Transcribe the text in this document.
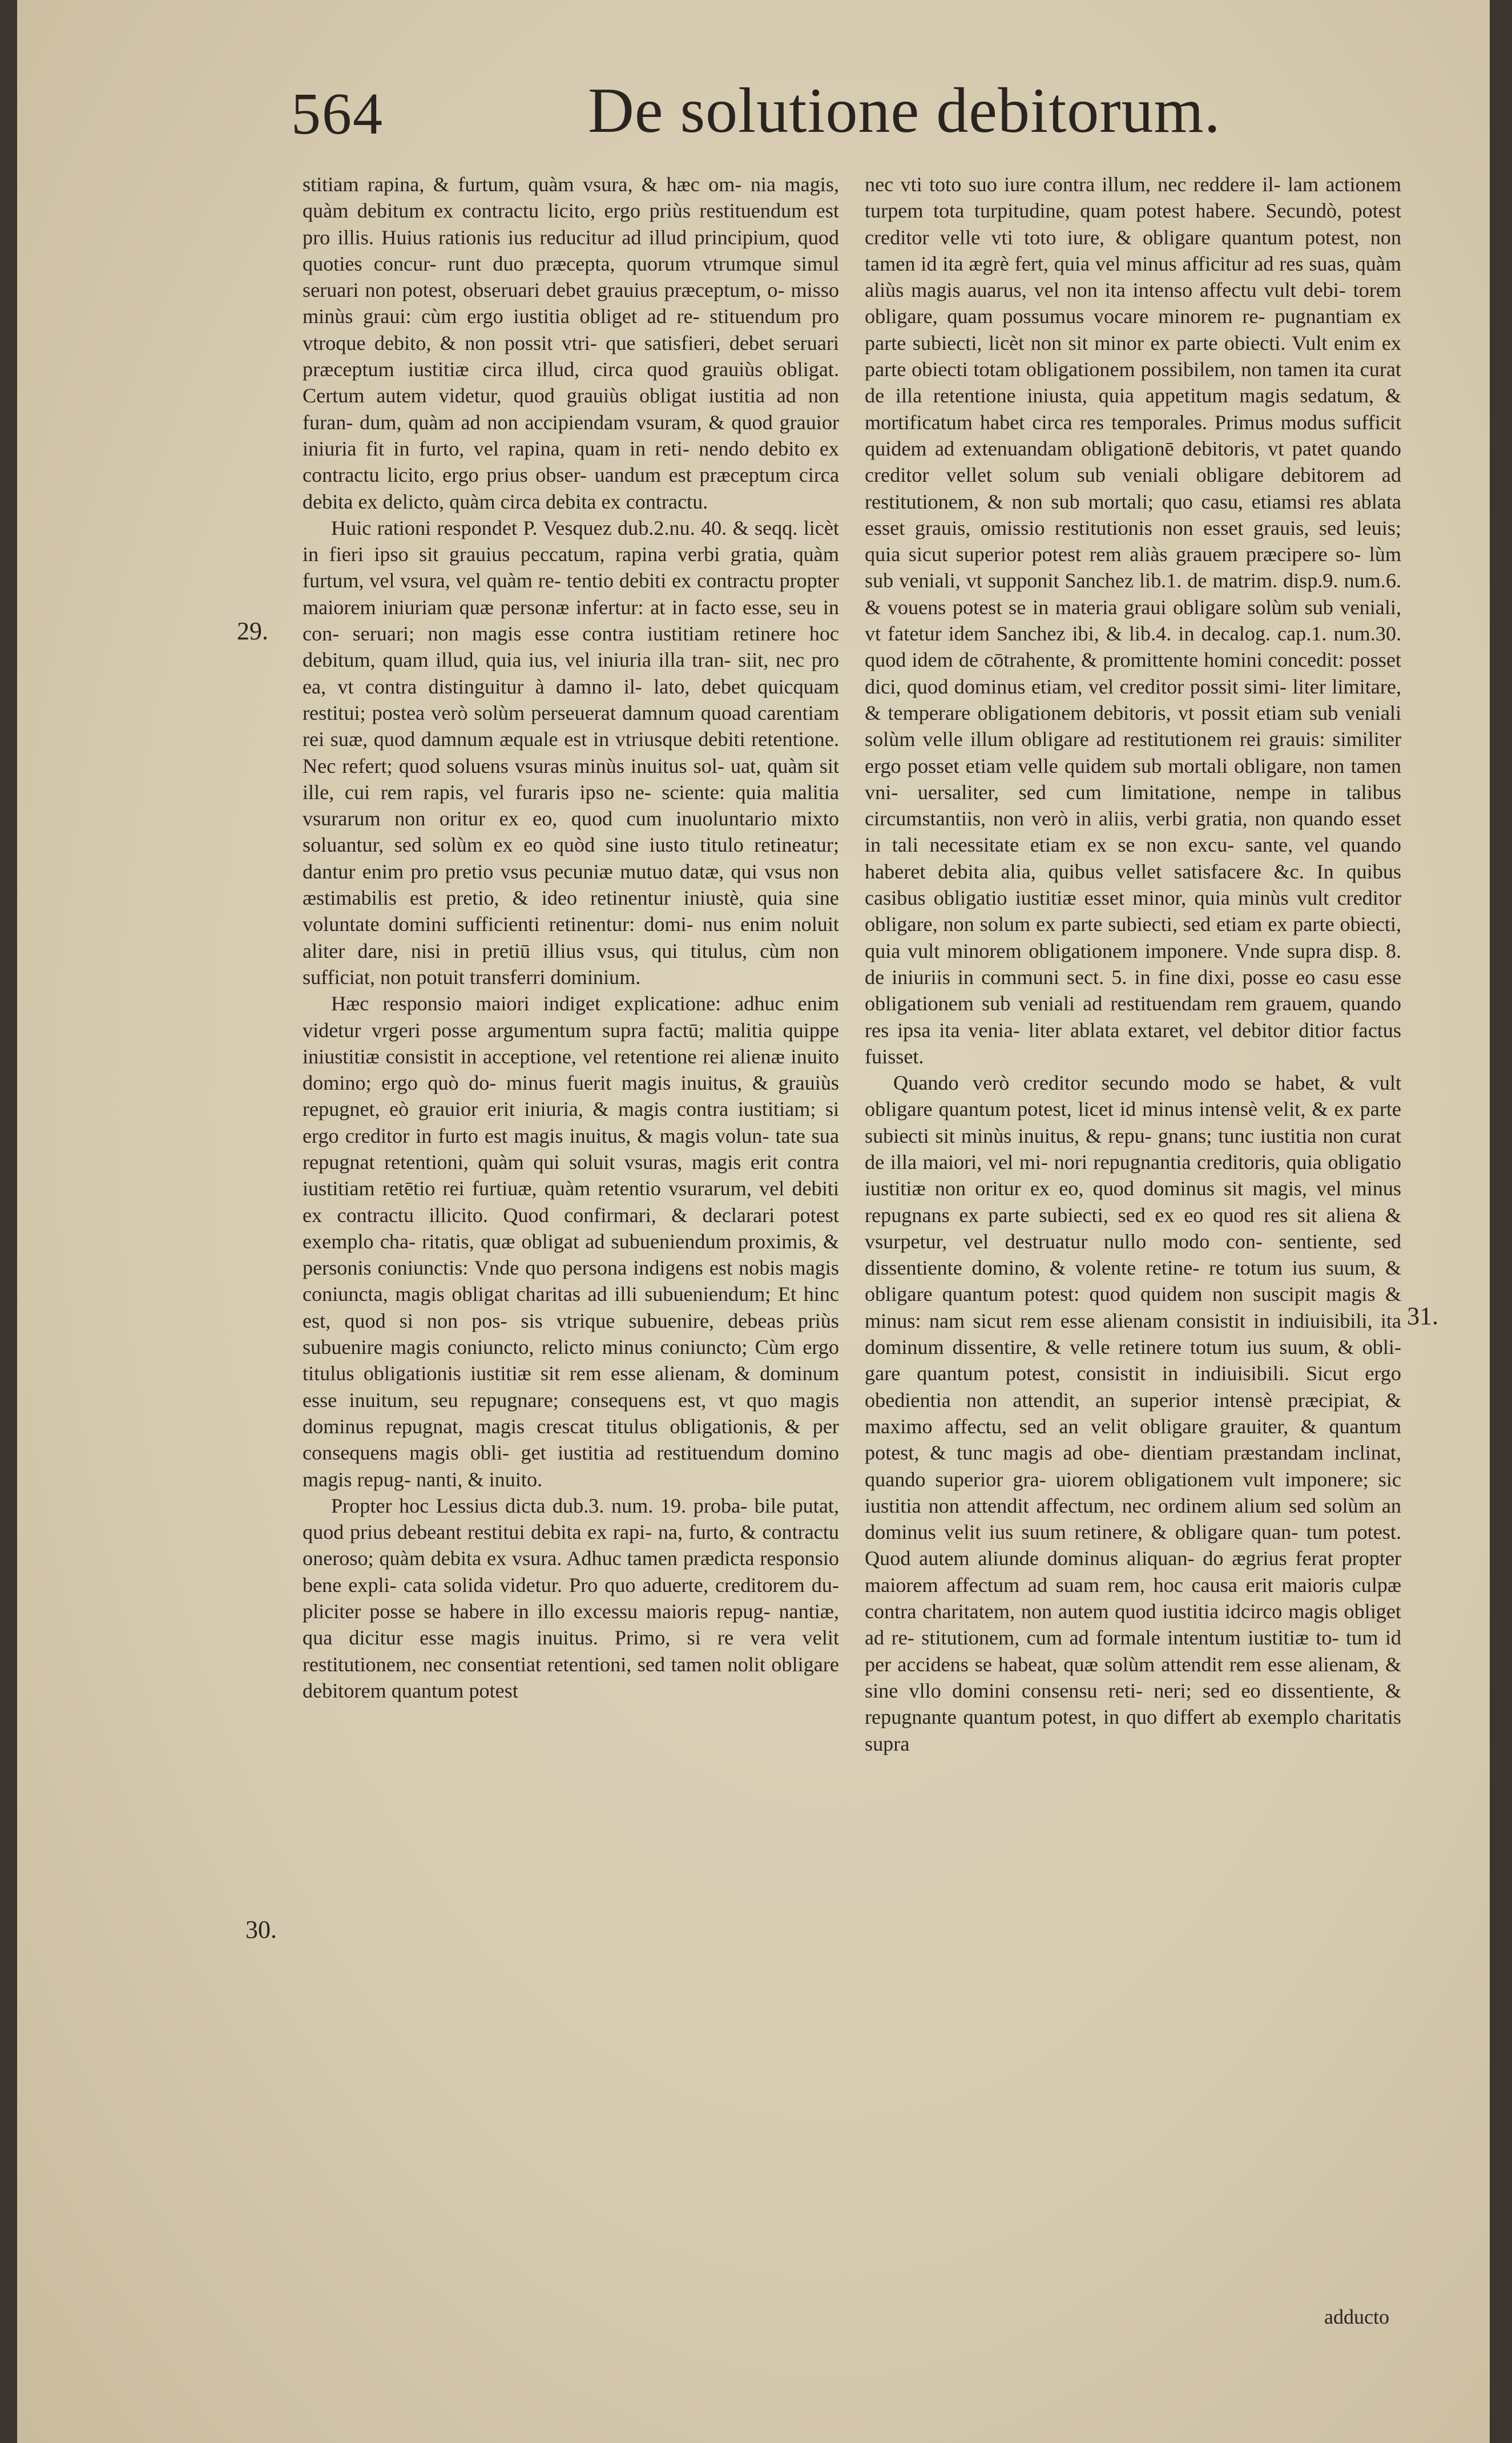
564	De solutione debitorum.

stitiam rapina, & furtum, quàm vsura, & hæc om- nia magis, quàm debitum ex contractu licito, ergo priùs restituendum est pro illis. Huius rationis ius reducitur ad illud principium, quod quoties concur- runt duo præcepta, quorum vtrumque simul seruari non potest, obseruari debet grauius præceptum, o- misso minùs graui: cùm ergo iustitia obliget ad re- stituendum pro vtroque debito, & non possit vtri- que satisfieri, debet seruari præceptum iustitiæ circa illud, circa quod grauiùs obligat. Certum autem videtur, quod grauiùs obligat iustitia ad non furan- dum, quàm ad non accipiendam vsuram, & quod grauior iniuria fit in furto, vel rapina, quam in reti- nendo debito ex contractu licito, ergo prius obser- uandum est præceptum circa debita ex delicto, quàm circa debita ex contractu.

Huic rationi respondet P. Vesquez dub.2.nu. 40. & seqq. licèt in fieri ipso sit grauius peccatum, rapina verbi gratia, quàm furtum, vel vsura, vel quàm re- tentio debiti ex contractu propter maiorem iniuriam quæ personæ infertur: at in facto esse, seu in con- seruari; non magis esse contra iustitiam retinere hoc debitum, quam illud, quia ius, vel iniuria illa tran- siit, nec pro ea, vt contra distinguitur à damno il- lato, debet quicquam restitui; postea verò solùm perseuerat damnum quoad carentiam rei suæ, quod damnum æquale est in vtriusque debiti retentione. Nec refert; quod soluens vsuras minùs inuitus sol- uat, quàm sit ille, cui rem rapis, vel furaris ipso ne- sciente: quia malitia vsurarum non oritur ex eo, quod cum inuoluntario mixto soluantur, sed solùm ex eo quòd sine iusto titulo retineatur; dantur enim pro pretio vsus pecuniæ mutuo datæ, qui vsus non æstimabilis est pretio, & ideo retinentur iniustè, quia sine voluntate domini sufficienti retinentur: domi- nus enim noluit aliter dare, nisi in pretiū illius vsus, qui titulus, cùm non sufficiat, non potuit transferri dominium.

Hæc responsio maiori indiget explicatione: adhuc enim videtur vrgeri posse argumentum supra factū; malitia quippe iniustitiæ consistit in acceptione, vel retentione rei alienæ inuito domino; ergo quò do- minus fuerit magis inuitus, & grauiùs repugnet, eò grauior erit iniuria, & magis contra iustitiam; si ergo creditor in furto est magis inuitus, & magis volun- tate sua repugnat retentioni, quàm qui soluit vsuras, magis erit contra iustitiam retētio rei furtiuæ, quàm retentio vsurarum, vel debiti ex contractu illicito. Quod confirmari, & declarari potest exemplo cha- ritatis, quæ obligat ad subueniendum proximis, & personis coniunctis: Vnde quo persona indigens est nobis magis coniuncta, magis obligat charitas ad illi subueniendum; Et hinc est, quod si non pos- sis vtrique subuenire, debeas priùs subuenire magis coniuncto, relicto minus coniuncto; Cùm ergo titulus obligationis iustitiæ sit rem esse alienam, & dominum esse inuitum, seu repugnare; consequens est, vt quo magis dominus repugnat, magis crescat titulus obligationis, & per consequens magis obli- get iustitia ad restituendum domino magis repug- nanti, & inuito.

Propter hoc Lessius dicta dub.3. num. 19. proba- bile putat, quod prius debeant restitui debita ex rapi- na, furto, & contractu oneroso; quàm debita ex vsura. Adhuc tamen prædicta responsio bene expli- cata solida videtur. Pro quo aduerte, creditorem du- pliciter posse se habere in illo excessu maioris repug- nantiæ, qua dicitur esse magis inuitus. Primo, si re vera velit restitutionem, nec consentiat retentioni, sed tamen nolit obligare debitorem quantum potest

nec vti toto suo iure contra illum, nec reddere il- lam actionem turpem tota turpitudine, quam potest habere. Secundò, potest creditor velle vti toto iure, & obligare quantum potest, non tamen id ita ægrè fert, quia vel minus afficitur ad res suas, quàm aliùs magis auarus, vel non ita intenso affectu vult debi- torem obligare, quam possumus vocare minorem re- pugnantiam ex parte subiecti, licèt non sit minor ex parte obiecti. Vult enim ex parte obiecti totam obligationem possibilem, non tamen ita curat de illa retentione iniusta, quia appetitum magis sedatum, & mortificatum habet circa res temporales. Primus modus sufficit quidem ad extenuandam obligationē debitoris, vt patet quando creditor vellet solum sub veniali obligare debitorem ad restitutionem, & non sub mortali; quo casu, etiamsi res ablata esset grauis, omissio restitutionis non esset grauis, sed leuis; quia sicut superior potest rem aliàs grauem præcipere so- lùm sub veniali, vt supponit Sanchez lib.1. de matrim. disp.9. num.6. & vouens potest se in materia graui obligare solùm sub veniali, vt fatetur idem Sanchez ibi, & lib.4. in decalog. cap.1. num.30. quod idem de cōtrahente, & promittente homini concedit: posset dici, quod dominus etiam, vel creditor possit simi- liter limitare, & temperare obligationem debitoris, vt possit etiam sub veniali solùm velle illum obligare ad restitutionem rei grauis: similiter ergo posset etiam velle quidem sub mortali obligare, non tamen vni- uersaliter, sed cum limitatione, nempe in talibus circumstantiis, non verò in aliis, verbi gratia, non quando esset in tali necessitate etiam ex se non excu- sante, vel quando haberet debita alia, quibus vellet satisfacere &c. In quibus casibus obligatio iustitiæ esset minor, quia minùs vult creditor obligare, non solum ex parte subiecti, sed etiam ex parte obiecti, quia vult minorem obligationem imponere. Vnde supra disp. 8. de iniuriis in communi sect. 5. in fine dixi, posse eo casu esse obligationem sub veniali ad restituendam rem grauem, quando res ipsa ita venia- liter ablata extaret, vel debitor ditior factus fuisset.

Quando verò creditor secundo modo se habet, & vult obligare quantum potest, licet id minus intensè velit, & ex parte subiecti sit minùs inuitus, & repu- gnans; tunc iustitia non curat de illa maiori, vel mi- nori repugnantia creditoris, quia obligatio iustitiæ non oritur ex eo, quod dominus sit magis, vel minus repugnans ex parte subiecti, sed ex eo quod res sit aliena & vsurpetur, vel destruatur nullo modo con- sentiente, sed dissentiente domino, & volente retine- re totum ius suum, & obligare quantum potest: quod quidem non suscipit magis & minus: nam sicut rem esse alienam consistit in indiuisibili, ita dominum dissentire, & velle retinere totum ius suum, & obli- gare quantum potest, consistit in indiuisibili. Sicut ergo obedientia non attendit, an superior intensè præcipiat, & maximo affectu, sed an velit obligare grauiter, & quantum potest, & tunc magis ad obe- dientiam præstandam inclinat, quando superior gra- uiorem obligationem vult imponere; sic iustitia non attendit affectum, nec ordinem alium sed solùm an dominus velit ius suum retinere, & obligare quan- tum potest. Quod autem aliunde dominus aliquan- do ægrius ferat propter maiorem affectum ad suam rem, hoc causa erit maioris culpæ contra charitatem, non autem quod iustitia idcirco magis obliget ad re- stitutionem, cum ad formale intentum iustitiæ to- tum id per accidens se habeat, quæ solùm attendit rem esse alienam, & sine vllo domini consensu reti- neri; sed eo dissentiente, & repugnante quantum potest, in quo differt ab exemplo charitatis supra

29.
30.
31.
adducto
